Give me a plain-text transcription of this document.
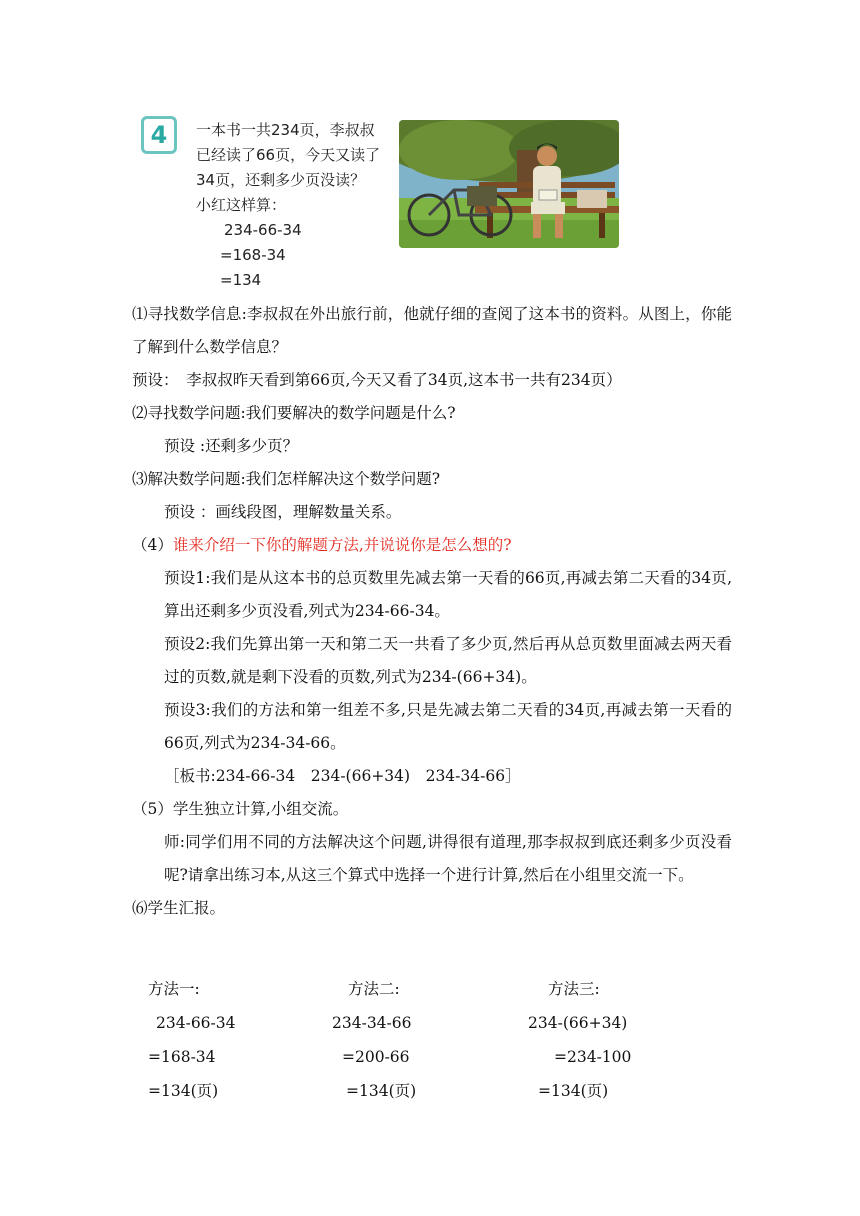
4	一本书一共234页，李叔叔
已经读了66页，今天又读了
34页，还剩多少页没读？
小红这样算：
234-66-34
=168-34
=134

⑴寻找数学信息:李叔叔在外出旅行前，他就仔细的查阅了这本书的资料。从图上，你能了解到什么数学信息？

预设：　李叔叔昨天看到第66页,今天又看了34页,这本书一共有234页）

⑵寻找数学问题:我们要解决的数学问题是什么?

预设 :还剩多少页？

⑶解决数学问题:我们怎样解决这个数学问题?

预设 ：画线段图，理解数量关系。

（4）谁来介绍一下你的解题方法,并说说你是怎么想的?

预设1:我们是从这本书的总页数里先减去第一天看的66页,再减去第二天看的34页,算出还剩多少页没看,列式为234-66-34。

预设2:我们先算出第一天和第二天一共看了多少页,然后再从总页数里面减去两天看过的页数,就是剩下没看的页数,列式为234-(66+34)。

预设3:我们的方法和第一组差不多,只是先减去第二天看的34页,再减去第一天看的66页,列式为234-34-66。

［板书:234-66-34　234-(66+34)　234-34-66］

（5）学生独立计算,小组交流。

师:同学们用不同的方法解决这个问题,讲得很有道理,那李叔叔到底还剩多少页没看呢?请拿出练习本,从这三个算式中选择一个进行计算,然后在小组里交流一下。

⑹学生汇报。

方法一:
234-66-34
=168-34
=134(页)
方法二:
234-34-66
=200-66
=134(页)
方法三:
234-(66+34)
=234-100
=134(页)
